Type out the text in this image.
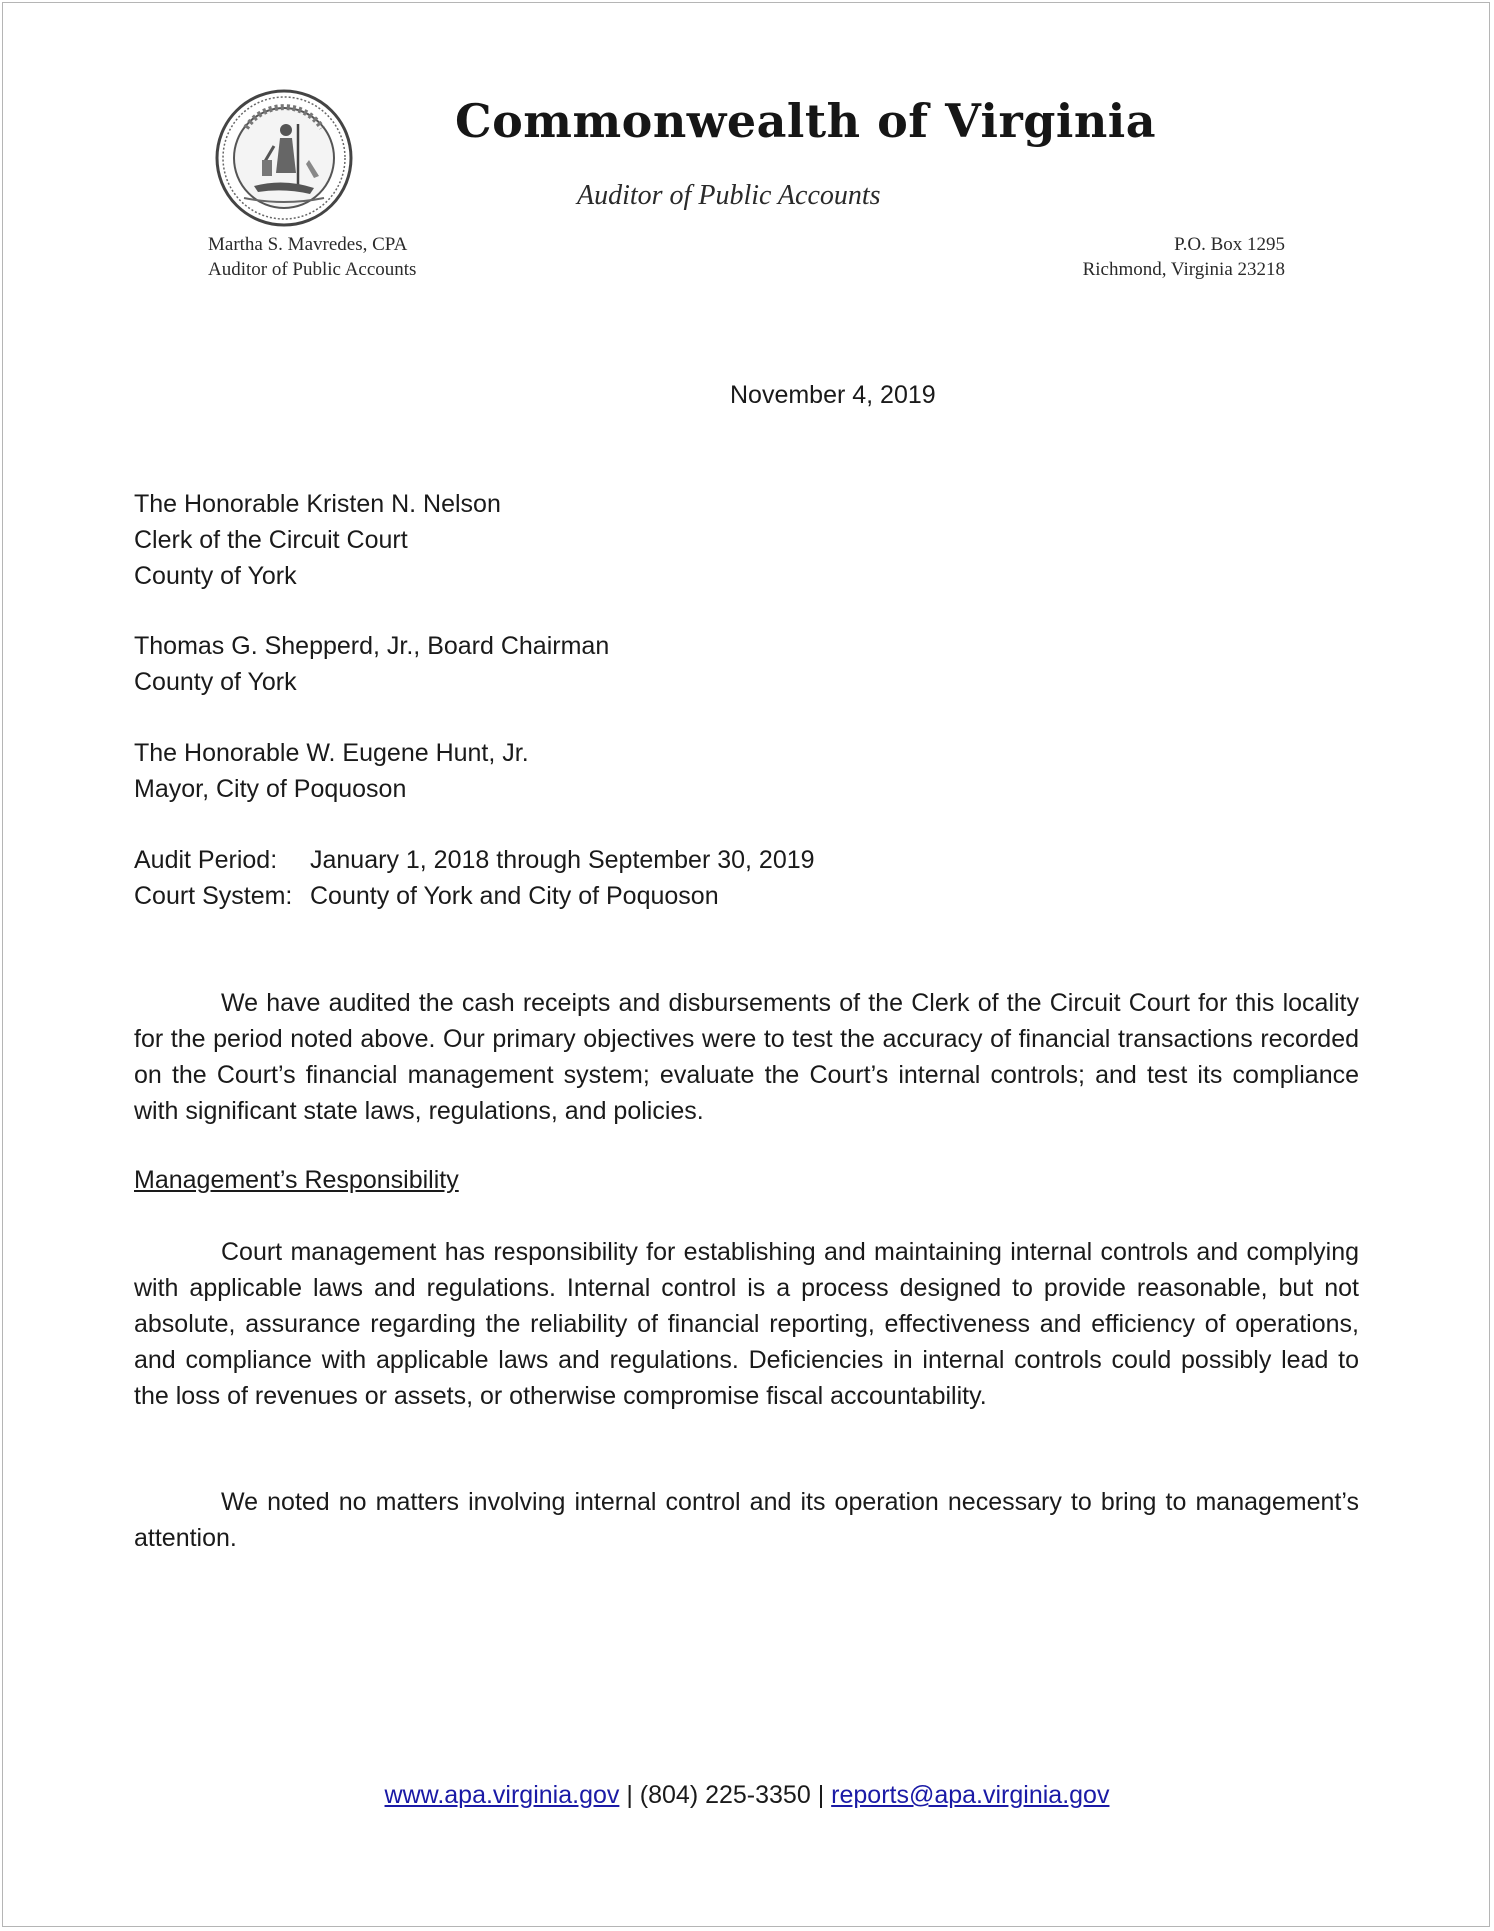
Commonwealth of Virginia
Auditor of Public Accounts
Martha S. Mavredes, CPA
Auditor of Public Accounts
P.O. Box 1295
Richmond, Virginia 23218
November 4, 2019
The Honorable Kristen N. Nelson
Clerk of the Circuit Court
County of York
Thomas G. Shepperd, Jr., Board Chairman
County of York
The Honorable W. Eugene Hunt, Jr.
Mayor, City of Poquoson
Audit Period:	January 1, 2018 through September 30, 2019
Court System: County of York and City of Poquoson

We have audited the cash receipts and disbursements of the Clerk of the Circuit Court for this locality for the period noted above. Our primary objectives were to test the accuracy of financial transactions recorded on the Court’s financial management system; evaluate the Court’s internal controls; and test its compliance with significant state laws, regulations, and policies.

Management’s Responsibility

Court management has responsibility for establishing and maintaining internal controls and complying with applicable laws and regulations. Internal control is a process designed to provide reasonable, but not absolute, assurance regarding the reliability of financial reporting, effectiveness and efficiency of operations, and compliance with applicable laws and regulations. Deficiencies in internal controls could possibly lead to the loss of revenues or assets, or otherwise compromise fiscal accountability.

We noted no matters involving internal control and its operation necessary to bring to management’s attention.

www.apa.virginia.gov | (804) 225-3350 | reports@apa.virginia.gov
